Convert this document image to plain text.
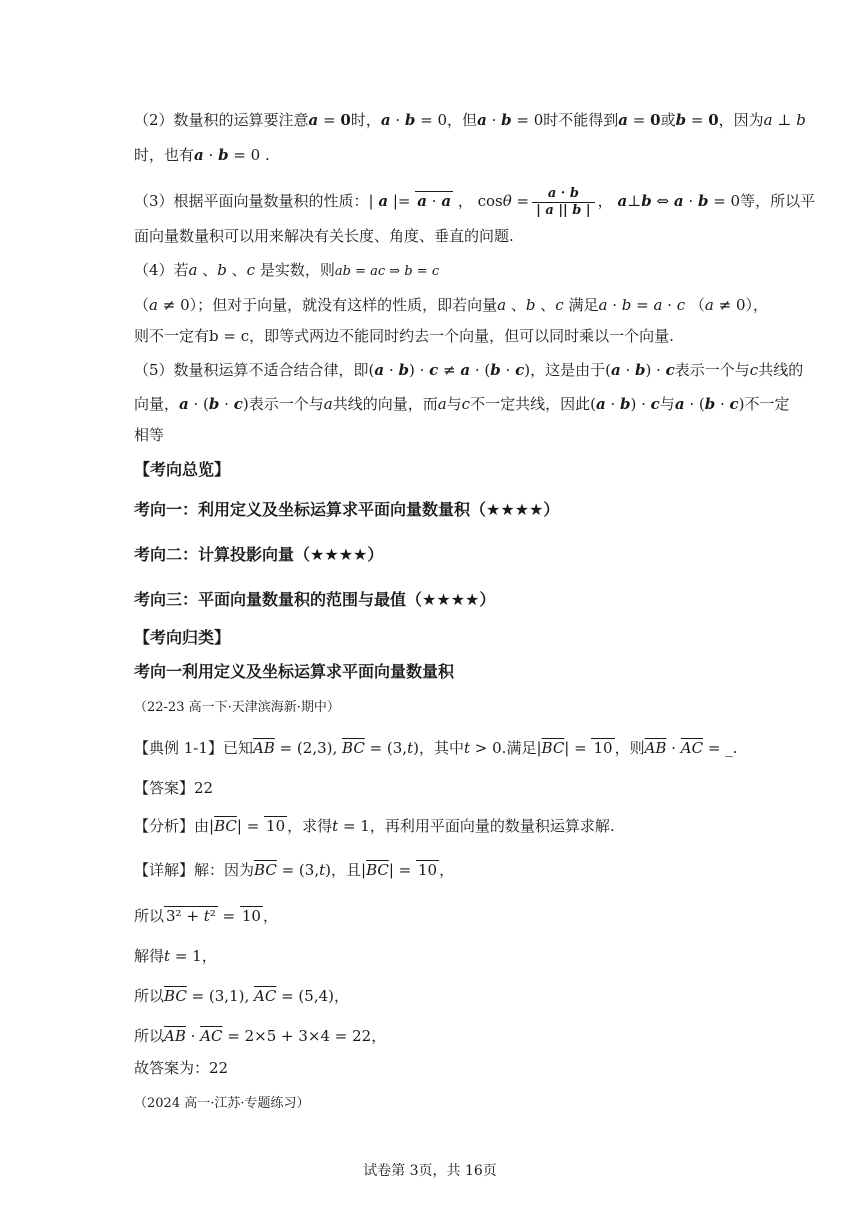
（2）数量积的运算要注意a = 0时，a · b = 0，但a · b = 0时不能得到a = 0或b = 0，因为a ⊥ b
时，也有a · b = 0 .
（3）根据平面向量数量积的性质：| a |= a · a ， $\cos\theta = \frac{a \cdot b}{| a || b |}$ ， a⊥b ⇔ a · b = 0等，所以平
面向量数量积可以用来解决有关长度、角度、垂直的问题.
（4）若a 、b 、c 是实数，则ab = ac ⇒ b = c
（a ≠ 0）；但对于向量，就没有这样的性质，即若向量a 、b 、c 满足a · b = a · c （a ≠ 0），
则不一定有b = c，即等式两边不能同时约去一个向量，但可以同时乘以一个向量.
（5）数量积运算不适合结合律，即(a · b) · c ≠ a · (b · c)，这是由于(a · b) · c表示一个与c共线的
向量，a · (b · c)表示一个与a共线的向量，而a与c不一定共线，因此(a · b) · c与a · (b · c)不一定
相等
【考向总览】
考向一：利用定义及坐标运算求平面向量数量积（★★★★）
考向二：计算投影向量（★★★★）
考向三：平面向量数量积的范围与最值（★★★★）
【考向归类】
考向一利用定义及坐标运算求平面向量数量积
（22-23 高一下·天津滨海新·期中）
【典例 1-1】已知$\overline{AB} = (2,3)$, $\overline{BC} = (3,t)$，其中t > 0.满足$|\overline{BC}| = 10$ ，则$\overline{AB} \cdot \overline{AC}$ = _.
【答案】22
【分析】由$|\overline{BC}| = 10$ ，求得t = 1，再利用平面向量的数量积运算求解.
【详解】解：因为$\overline{BC} = (3,t)$，且$|\overline{BC}| = 10$ ，
所以 3² + t² = 10 ，
解得t = 1，
所以$\overline{BC} = (3,1)$, $\overline{AC} = (5,4)$，
所以$\overline{AB} \cdot \overline{AC} = 2\times 5 + 3\times 4 = 22$，
故答案为：22
（2024 高一·江苏·专题练习）
试卷第 3页，共 16页
